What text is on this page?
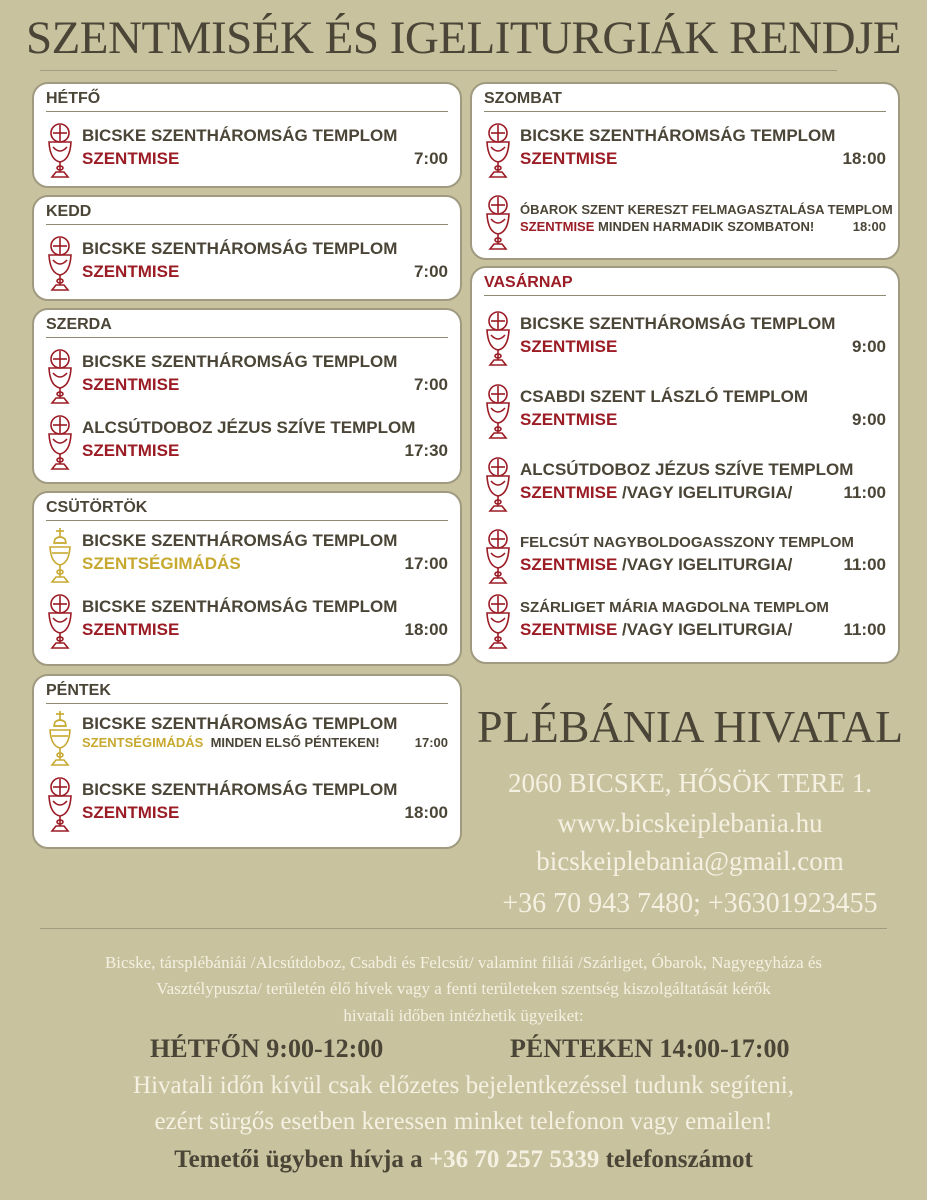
SZENTMISÉK ÉS IGELITURGIÁK RENDJE
HÉTFŐ
BICSKE SZENTHÁROMSÁG TEMPLOM
SZENTMISE	7:00
KEDD
BICSKE SZENTHÁROMSÁG TEMPLOM
SZENTMISE	7:00
SZERDA
BICSKE SZENTHÁROMSÁG TEMPLOM
SZENTMISE	7:00
ALCSÚTDOBOZ JÉZUS SZÍVE TEMPLOM
SZENTMISE	17:30
CSÜTÖRTÖK
BICSKE SZENTHÁROMSÁG TEMPLOM
SZENTSÉGIMÁDÁS	17:00
BICSKE SZENTHÁROMSÁG TEMPLOM
SZENTMISE	18:00
PÉNTEK
BICSKE SZENTHÁROMSÁG TEMPLOM
SZENTSÉGIMÁDÁS MINDEN ELSŐ PÉNTEKEN!	17:00
BICSKE SZENTHÁROMSÁG TEMPLOM
SZENTMISE	18:00
SZOMBAT
BICSKE SZENTHÁROMSÁG TEMPLOM
SZENTMISE	18:00
ÓBAROK SZENT KERESZT FELMAGASZTALÁSA TEMPLOM
SZENTMISE MINDEN HARMADIK SZOMBATON!	18:00
VASÁRNAP
BICSKE SZENTHÁROMSÁG TEMPLOM
SZENTMISE	9:00
CSABDI SZENT LÁSZLÓ TEMPLOM
SZENTMISE	9:00
ALCSÚTDOBOZ JÉZUS SZÍVE TEMPLOM
SZENTMISE /VAGY IGELITURGIA/	11:00
FELCSÚT NAGYBOLDOGASSZONY TEMPLOM
SZENTMISE /VAGY IGELITURGIA/	11:00
SZÁRLIGET MÁRIA MAGDOLNA TEMPLOM
SZENTMISE /VAGY IGELITURGIA/	11:00
PLÉBÁNIA HIVATAL
2060 BICSKE, HŐSÖK TERE 1.
www.bicskeiplebania.hu
bicskeiplebania@gmail.com
+36 70 943 7480; +36301923455
Bicske, társplébániái /Alcsútdoboz, Csabdi és Felcsút/ valamint filiái /Szárliget, Óbarok, Nagyegyháza és
Vasztélypuszta/ területén élő hívek vagy a fenti területeken szentség kiszolgáltatását kérők
hivatali időben intézhetik ügyeiket:
HÉTFŐN 9:00-12:00	PÉNTEKEN 14:00-17:00
Hivatali időn kívül csak előzetes bejelentkezéssel tudunk segíteni,
ezért sürgős esetben keressen minket telefonon vagy emailen!
Temetői ügyben hívja a +36 70 257 5339 telefonszámot
